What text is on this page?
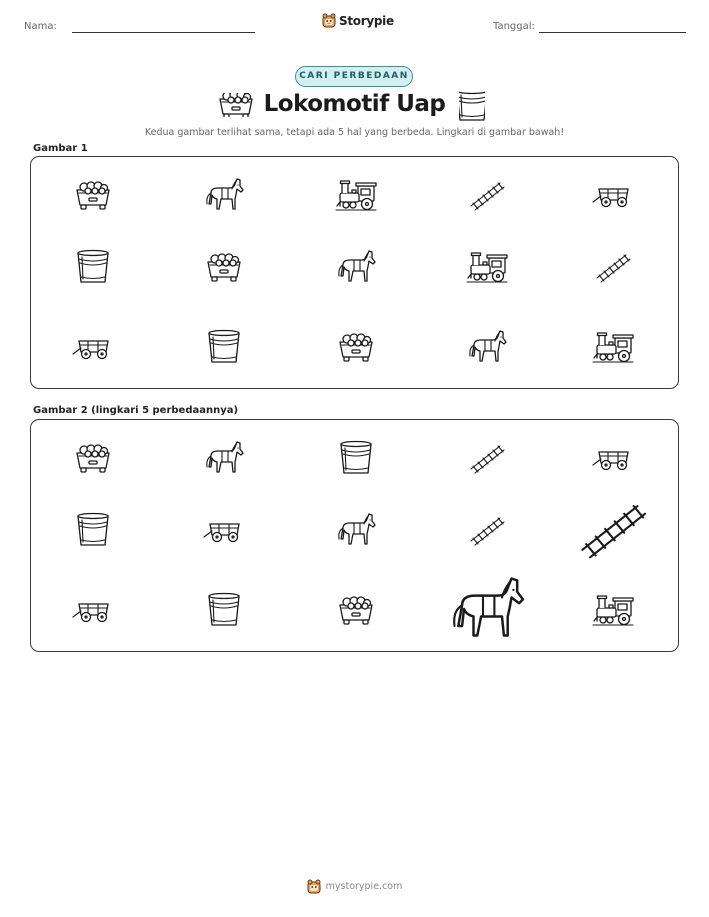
Nama:	Storypie	Tanggal:
CARI PERBEDAAN
Lokomotif Uap
Kedua gambar terlihat sama, tetapi ada 5 hal yang berbeda. Lingkari di gambar bawah!
Gambar 1
Gambar 2 (lingkari 5 perbedaannya)
mystorypie.com
